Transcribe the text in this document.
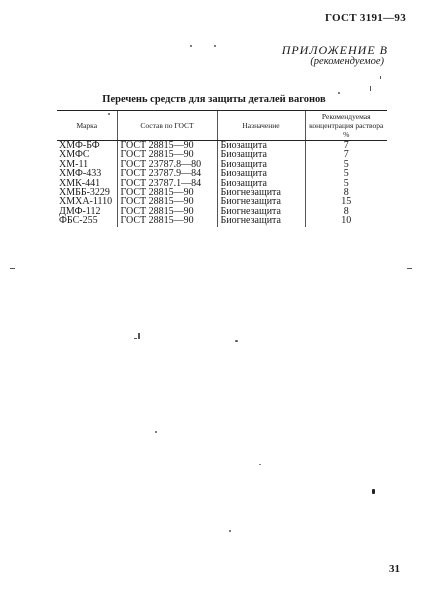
ГОСТ 3191—93
ПРИЛОЖЕНИЕ В
(рекомендуемое)
Перечень средств для защиты деталей вагонов
Марка	Состав по ГОСТ	Назначение	Рекомендуемая концентрация раствора %
ХМФ-БФ	ГОСТ 28815—90	Биозащита	7
ХМФС	ГОСТ 28815—90	Биозащита	7
ХМ-11	ГОСТ 23787.8—80	Биозащита	5
ХМФ-433	ГОСТ 23787.9—84	Биозащита	5
ХМК-441	ГОСТ 23787.1—84	Биозащита	5
ХМББ-3229	ГОСТ 28815—90	Биогнезащита	8
ХМХА-1110	ГОСТ 28815—90	Биогнезащита	15
ДМФ-112	ГОСТ 28815—90	Биогнезащита	8
ФБС-255	ГОСТ 28815—90	Биогнезащита	10
31
